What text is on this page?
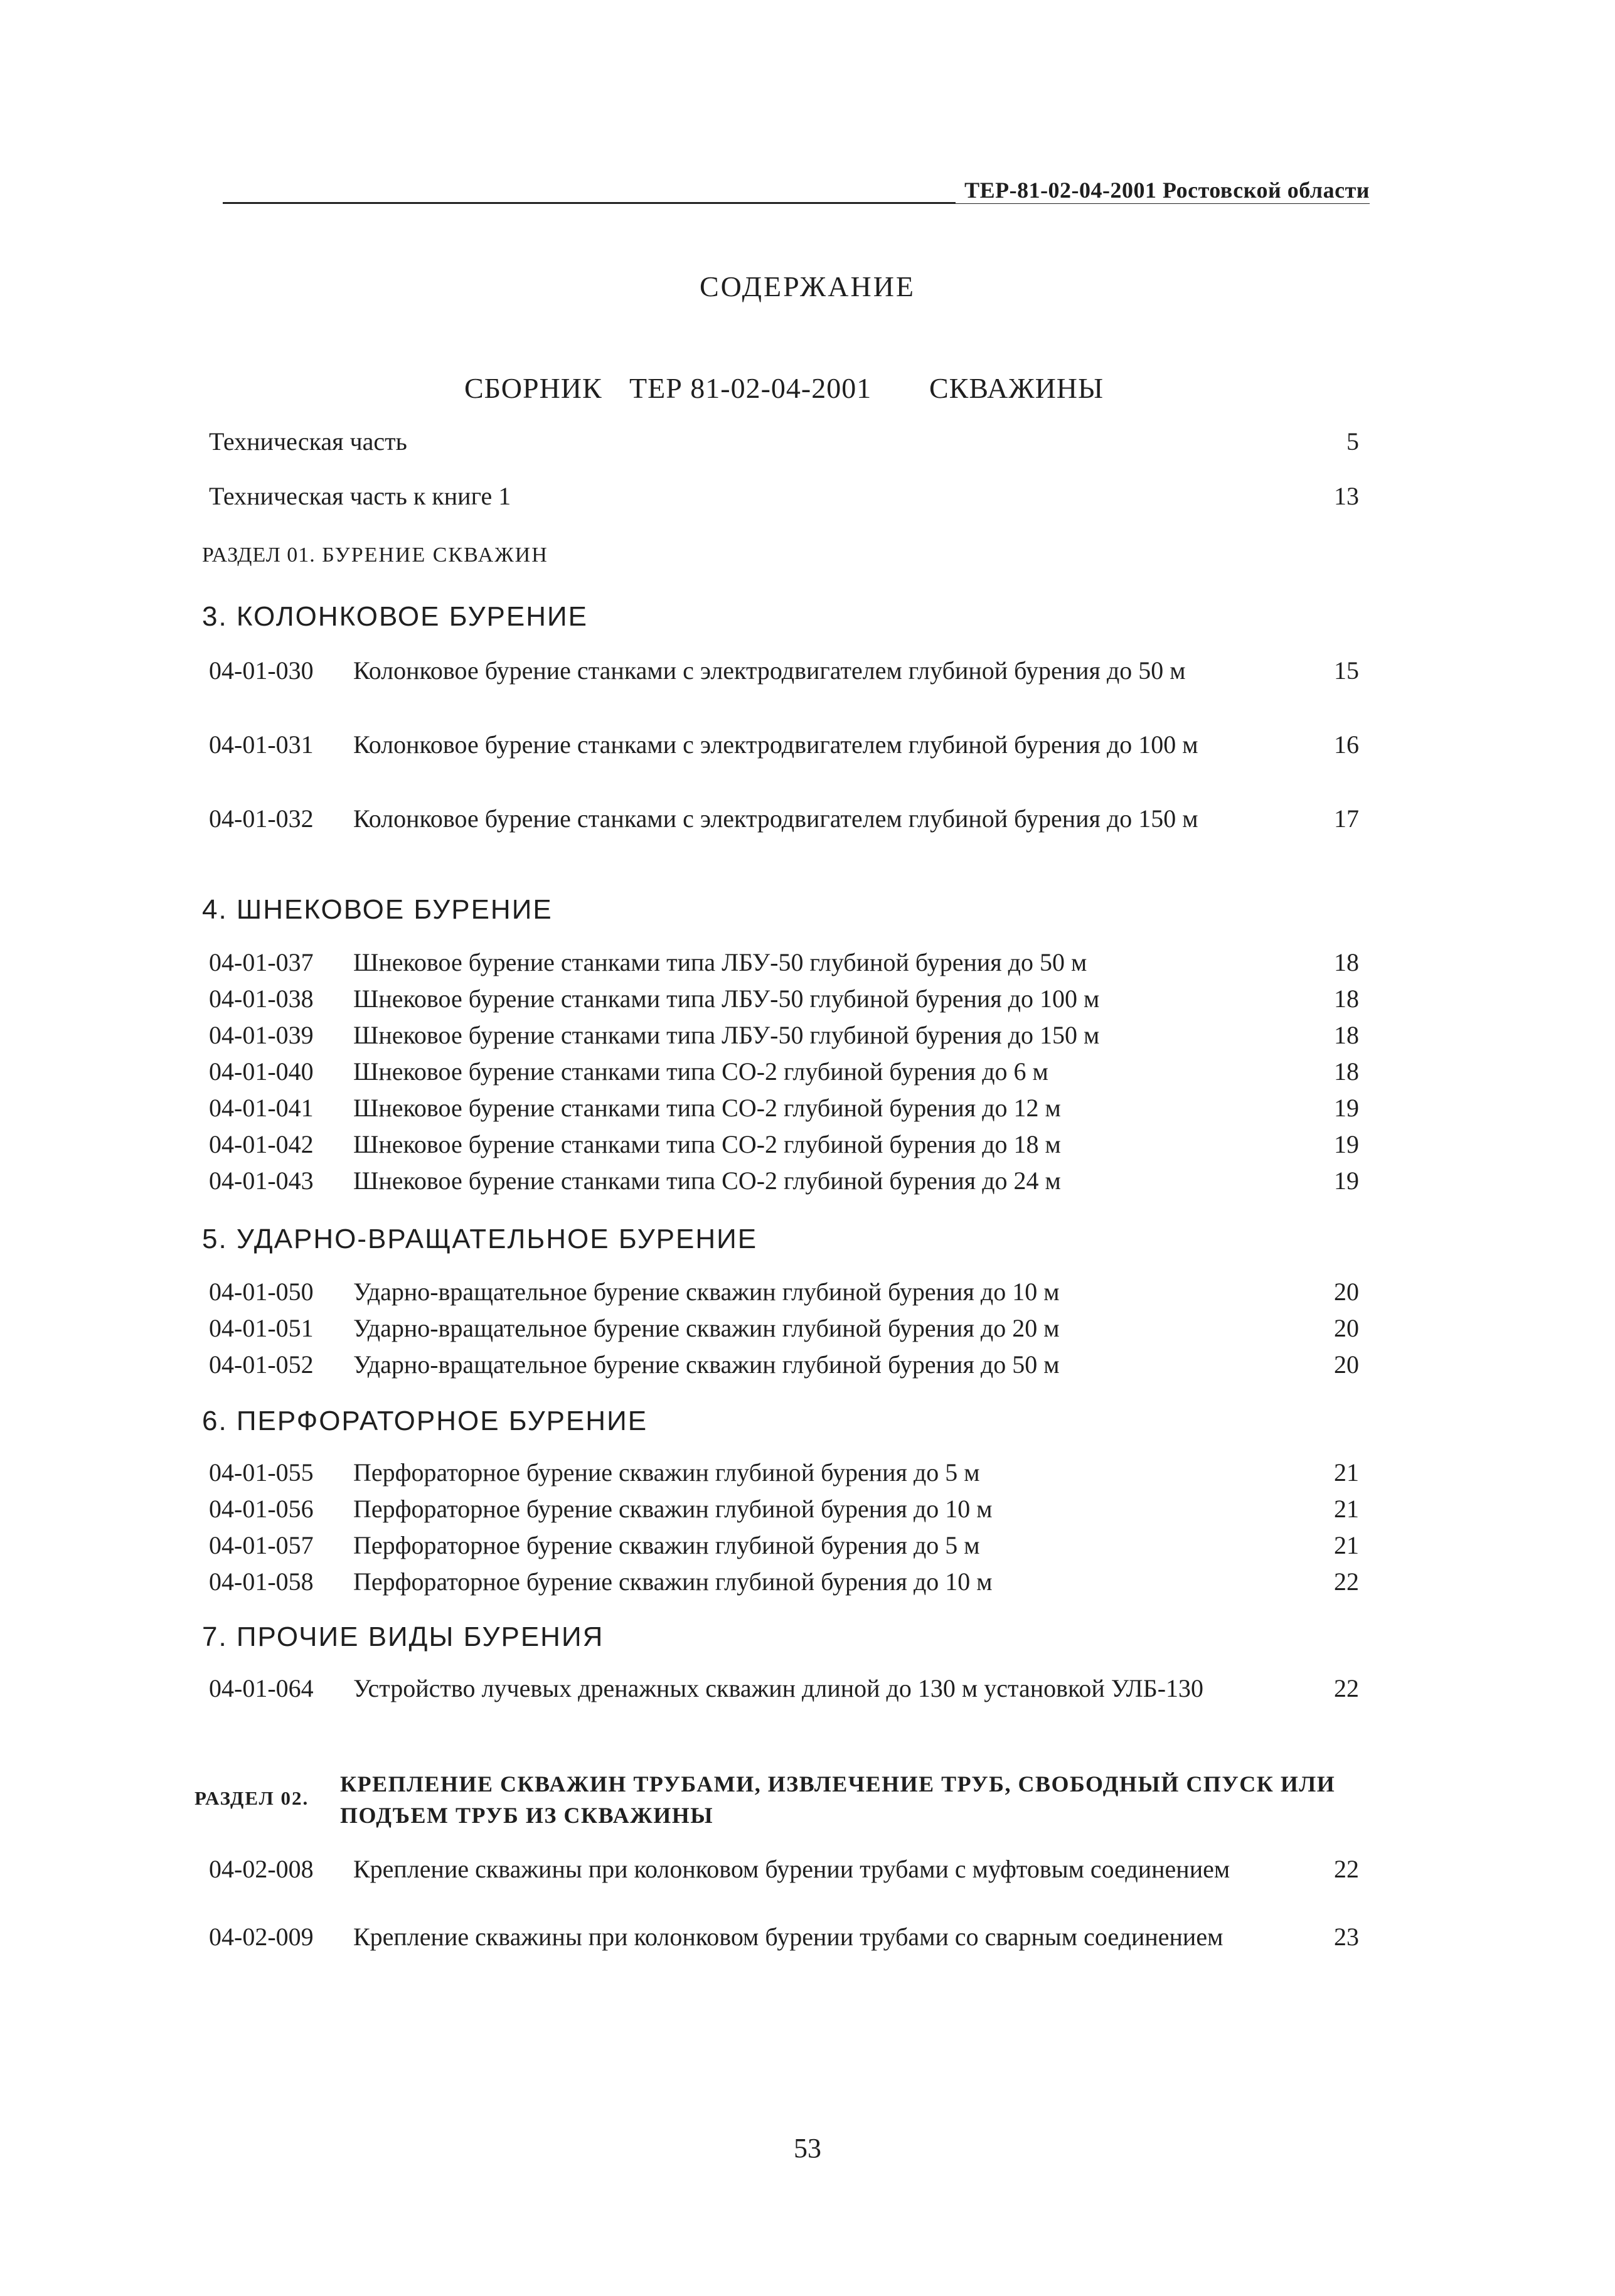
ТЕР-81-02-04-2001 Ростовской области
СОДЕРЖАНИЕ
СБОРНИК ТЕР 81-02-04-2001 СКВАЖИНЫ
Техническая часть	5
Техническая часть к книге 1	13
РАЗДЕЛ 01. БУРЕНИЕ СКВАЖИН
3. КОЛОНКОВОЕ БУРЕНИЕ
04-01-030 Колонковое бурение станками с электродвигателем глубиной бурения до 50 м	15
04-01-031 Колонковое бурение станками с электродвигателем глубиной бурения до 100 м	16
04-01-032 Колонковое бурение станками с электродвигателем глубиной бурения до 150 м	17
4. ШНЕКОВОЕ БУРЕНИЕ
04-01-037 Шнековое бурение станками типа ЛБУ-50 глубиной бурения до 50 м	18
04-01-038 Шнековое бурение станками типа ЛБУ-50 глубиной бурения до 100 м	18
04-01-039 Шнековое бурение станками типа ЛБУ-50 глубиной бурения до 150 м	18
04-01-040 Шнековое бурение станками типа СО-2 глубиной бурения до 6 м	18
04-01-041 Шнековое бурение станками типа СО-2 глубиной бурения до 12 м	19
04-01-042 Шнековое бурение станками типа СО-2 глубиной бурения до 18 м	19
04-01-043 Шнековое бурение станками типа СО-2 глубиной бурения до 24 м	19
5. УДАРНО-ВРАЩАТЕЛЬНОЕ БУРЕНИЕ
04-01-050 Ударно-вращательное бурение скважин глубиной бурения до 10 м	20
04-01-051 Ударно-вращательное бурение скважин глубиной бурения до 20 м	20
04-01-052 Ударно-вращательное бурение скважин глубиной бурения до 50 м	20
6. ПЕРФОРАТОРНОЕ БУРЕНИЕ
04-01-055 Перфораторное бурение скважин глубиной бурения до 5 м	21
04-01-056 Перфораторное бурение скважин глубиной бурения до 10 м	21
04-01-057 Перфораторное бурение скважин глубиной бурения до 5 м	21
04-01-058 Перфораторное бурение скважин глубиной бурения до 10 м	22
7. ПРОЧИЕ ВИДЫ БУРЕНИЯ
04-01-064 Устройство лучевых дренажных скважин длиной до 130 м установкой УЛБ-130	22
РАЗДЕЛ 02.
КРЕПЛЕНИЕ СКВАЖИН ТРУБАМИ, ИЗВЛЕЧЕНИЕ ТРУБ, СВОБОДНЫЙ СПУСК ИЛИ ПОДЪЕМ ТРУБ ИЗ СКВАЖИНЫ
04-02-008 Крепление скважины при колонковом бурении трубами с муфтовым соединением	22
04-02-009 Крепление скважины при колонковом бурении трубами со сварным соединением	23
53
